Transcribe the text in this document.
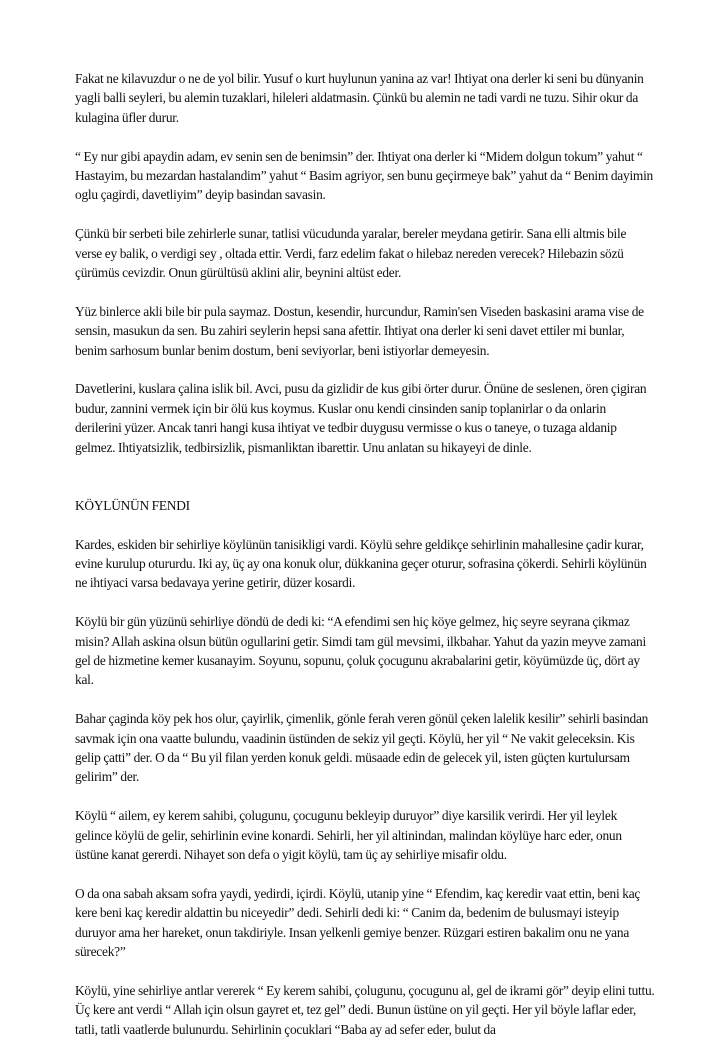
Fakat ne kilavuzdur o ne de yol bilir. Yusuf o kurt huylunun yanina az var! Ihtiyat ona derler ki seni bu dünyanin yagli balli seyleri, bu alemin tuzaklari, hileleri aldatmasin. Çünkü bu alemin ne tadi vardi ne tuzu. Sihir okur da kulagina üfler durur.

“ Ey nur gibi apaydin adam, ev senin sen de benimsin” der. Ihtiyat ona derler ki “Midem dolgun tokum” yahut “ Hastayim, bu mezardan hastalandim” yahut “ Basim agriyor, sen bunu geçirmeye bak” yahut da “ Benim dayimin oglu çagirdi, davetliyim” deyip basindan savasin.

Çünkü bir serbeti bile zehirlerle sunar, tatlisi vücudunda yaralar, bereler meydana getirir. Sana elli altmis bile verse ey balik, o verdigi sey , oltada ettir. Verdi, farz edelim fakat o hilebaz nereden verecek? Hilebazin sözü çürümüs cevizdir. Onun gürültüsü aklini alir, beynini altüst eder.

Yüz binlerce akli bile bir pula saymaz. Dostun, kesendir, hurcundur, Ramin'sen Viseden baskasini arama vise de sensin, masukun da sen. Bu zahiri seylerin hepsi sana afettir. Ihtiyat ona derler ki seni davet ettiler mi bunlar, benim sarhosum bunlar benim dostum, beni seviyorlar, beni istiyorlar demeyesin.

Davetlerini, kuslara çalina islik bil. Avci, pusu da gizlidir de kus gibi örter durur. Önüne de seslenen, ören çigiran budur, zannini vermek için bir ölü kus koymus. Kuslar onu kendi cinsinden sanip toplanirlar o da onlarin derilerini yüzer. Ancak tanri hangi kusa ihtiyat ve tedbir duygusu vermisse o kus o taneye, o tuzaga aldanip gelmez. Ihtiyatsizlik, tedbirsizlik, pismanliktan ibarettir. Unu anlatan su hikayeyi de dinle.

KÖYLÜNÜN FENDI

Kardes, eskiden bir sehirliye köylünün tanisikligi vardi. Köylü sehre geldikçe sehirlinin mahallesine çadir kurar, evine kurulup otururdu. Iki ay, üç ay ona konuk olur, dükkanina geçer oturur, sofrasina çökerdi. Sehirli köylünün ne ihtiyaci varsa bedavaya yerine getirir, düzer kosardi.

Köylü bir gün yüzünü sehirliye döndü de dedi ki: “A efendimi sen hiç köye gelmez, hiç seyre seyrana çikmaz misin? Allah askina olsun bütün ogullarini getir. Simdi tam gül mevsimi, ilkbahar. Yahut da yazin meyve zamani gel de hizmetine kemer kusanayim. Soyunu, sopunu, çoluk çocugunu akrabalarini getir, köyümüzde üç, dört ay kal.

Bahar çaginda köy pek hos olur, çayirlik, çimenlik, gönle ferah veren gönül çeken lalelik kesilir” sehirli basindan savmak için ona vaatte bulundu, vaadinin üstünden de sekiz yil geçti. Köylü, her yil “ Ne vakit geleceksin. Kis gelip çatti” der. O da “ Bu yil filan yerden konuk geldi. müsaade edin de gelecek yil, isten güçten kurtulursam gelirim” der.

Köylü “ ailem, ey kerem sahibi, çolugunu, çocugunu bekleyip duruyor” diye karsilik verirdi. Her yil leylek gelince köylü de gelir, sehirlinin evine konardi. Sehirli, her yil altinindan, malindan köylüye harc eder, onun üstüne kanat gererdi. Nihayet son defa o yigit köylü, tam üç ay sehirliye misafir oldu.

O da ona sabah aksam sofra yaydi, yedirdi, içirdi. Köylü, utanip yine “ Efendim, kaç keredir vaat ettin, beni kaç kere beni kaç keredir aldattin bu niceyedir” dedi. Sehirli dedi ki: “ Canim da, bedenim de bulusmayi isteyip duruyor ama her hareket, onun takdiriyle. Insan yelkenli gemiye benzer. Rüzgari estiren bakalim onu ne yana sürecek?”

Köylü, yine sehirliye antlar vererek “ Ey kerem sahibi, çolugunu, çocugunu al, gel de ikrami gör” deyip elini tuttu. Üç kere ant verdi “ Allah için olsun gayret et, tez gel” dedi. Bunun üstüne on yil geçti. Her yil böyle laflar eder, tatli, tatli vaatlerde bulunurdu. Sehirlinin çocuklari “Baba ay ad sefer eder, bulut da
